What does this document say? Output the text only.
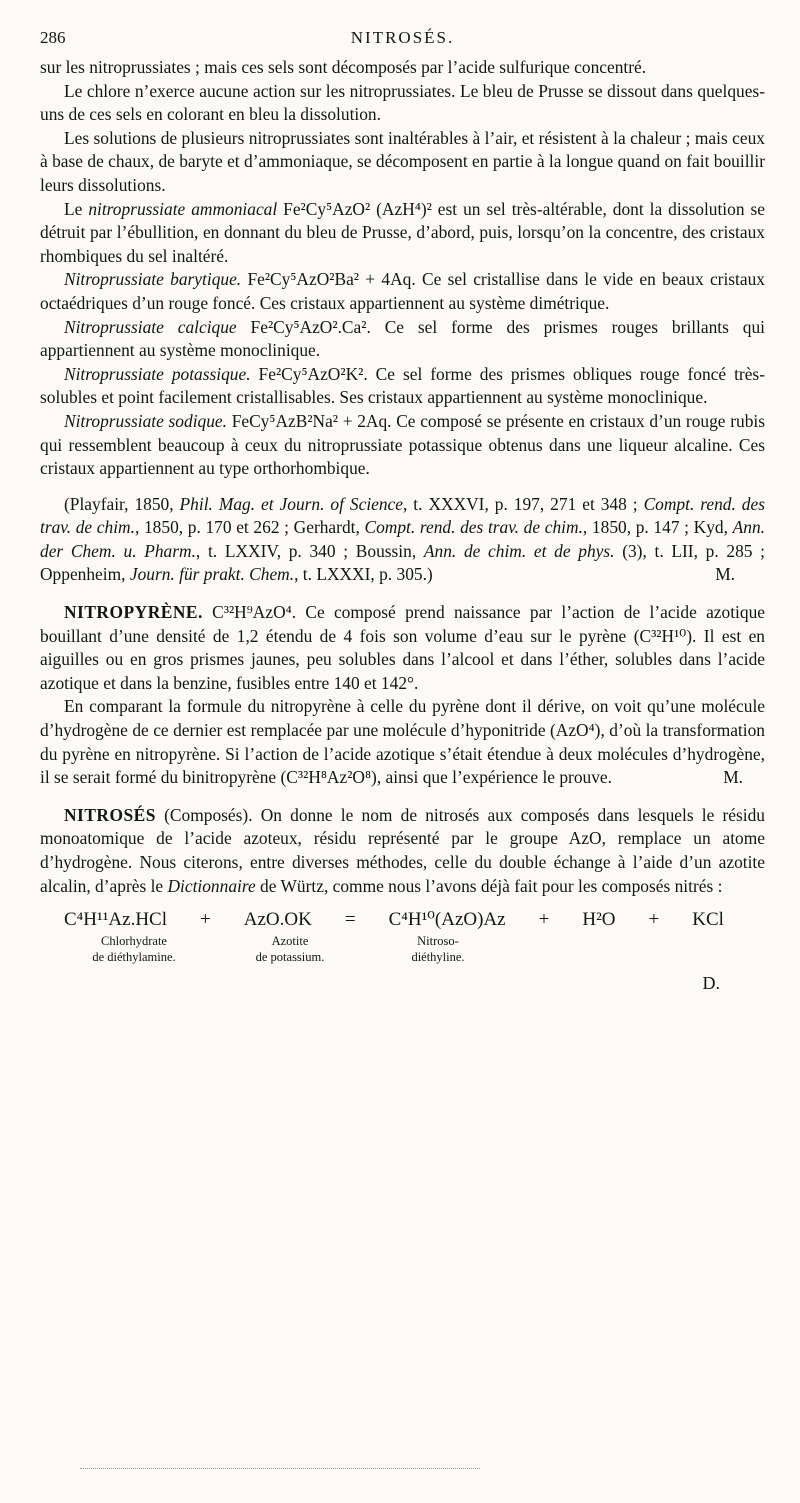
286	NITROSÉS.

sur les nitroprussiates ; mais ces sels sont décomposés par l’acide sulfurique concentré.

Le chlore n’exerce aucune action sur les nitroprussiates. Le bleu de Prusse se dissout dans quelques-uns de ces sels en colorant en bleu la dissolution.

Les solutions de plusieurs nitroprussiates sont inaltérables à l’air, et résistent à la chaleur ; mais ceux à base de chaux, de baryte et d’ammoniaque, se décomposent en partie à la longue quand on fait bouillir leurs dissolutions.

Le nitroprussiate ammoniacal Fe²Cy⁵AzO² (AzH⁴)² est un sel très-altérable, dont la dissolution se détruit par l’ébullition, en donnant du bleu de Prusse, d’abord, puis, lorsqu’on la concentre, des cristaux rhombiques du sel inaltéré.

Nitroprussiate barytique. Fe²Cy⁵AzO²Ba² + 4Aq. Ce sel cristallise dans le vide en beaux cristaux octaédriques d’un rouge foncé. Ces cristaux appartiennent au système dimétrique.

Nitroprussiate calcique Fe²Cy⁵AzO².Ca². Ce sel forme des prismes rouges brillants qui appartiennent au système monoclinique.

Nitroprussiate potassique. Fe²Cy⁵AzO²K². Ce sel forme des prismes obliques rouge foncé très-solubles et point facilement cristallisables. Ses cristaux appartiennent au système monoclinique.

Nitroprussiate sodique. FeCy⁵AzB²Na² + 2Aq. Ce composé se présente en cristaux d’un rouge rubis qui ressemblent beaucoup à ceux du nitroprussiate potassique obtenus dans une liqueur alcaline. Ces cristaux appartiennent au type orthorhombique.

(Playfair, 1850, Phil. Mag. et Journ. of Science, t. XXXVI, p. 197, 271 et 348 ; Compt. rend. des trav. de chim., 1850, p. 170 et 262 ; Gerhardt, Compt. rend. des trav. de chim., 1850, p. 147 ; Kyd, Ann. der Chem. u. Pharm., t. LXXIV, p. 340 ; Boussin, Ann. de chim. et de phys. (3), t. LII, p. 285 ; Oppenheim, Journ. für prakt. Chem., t. LXXXI, p. 305.)	M.

NITROPYRÈNE. C³²H⁹AzO⁴. Ce composé prend naissance par l’action de l’acide azotique bouillant d’une densité de 1,2 étendu de 4 fois son volume d’eau sur le pyrène (C³²H¹⁰). Il est en aiguilles ou en gros prismes jaunes, peu solubles dans l’alcool et dans l’éther, solubles dans l’acide azotique et dans la benzine, fusibles entre 140 et 142°.

En comparant la formule du nitropyrène à celle du pyrène dont il dérive, on voit qu’une molécule d’hydrogène de ce dernier est remplacée par une molécule d’hyponitride (AzO⁴), d’où la transformation du pyrène en nitropyrène. Si l’action de l’acide azotique s’était étendue à deux molécules d’hydrogène, il se serait formé du binitropyrène (C³²H⁸Az²O⁸), ainsi que l’expérience le prouve.	M.

NITROSÉS (Composés). On donne le nom de nitrosés aux composés dans lesquels le résidu monoatomique de l’acide azoteux, résidu représenté par le groupe AzO, remplace un atome d’hydrogène. Nous citerons, entre diverses méthodes, celle du double échange à l’aide d’un azotite alcalin, d’après le Dictionnaire de Würtz, comme nous l’avons déjà fait pour les composés nitrés :

C⁴H¹¹Az.HCl + AzO.OK = C⁴H¹⁰(AzO)Az + H²O + KCl
Chlorhydrate
de diéthylamine.
Azotite
de potassium.
Nitroso-
diéthyline.
D.
